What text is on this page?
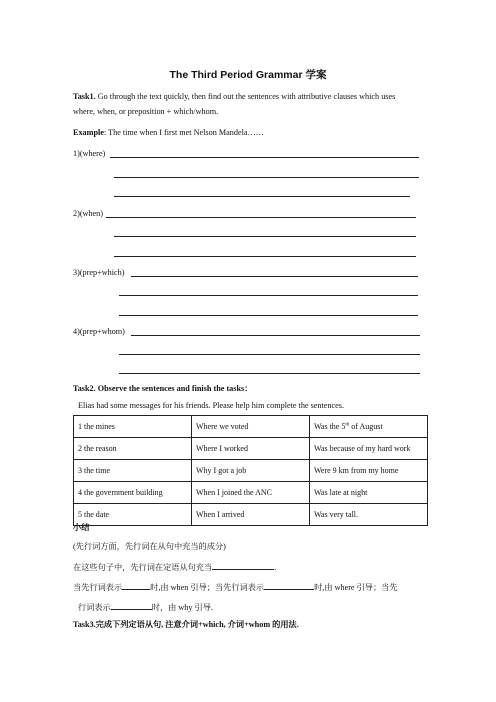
The Third Period Grammar 学案
Task1. Go through the text quickly, then find out the sentences with attributive clauses which uses
where, when, or preposition + which/whom.
Example: The time when I first met Nelson Mandela……
1)(where)
2)(when)
3)(prep+which)
4)(prep+whom)
Task2. Observe the sentences and finish the tasks：
Elias had some messages for his friends. Please help him complete the sentences.
1 the mines	Where we voted	Was the 5th of August
2 the reason	Where I worked	Was because of my hard work
3 the time	Why I got a job	Were 9 km from my home
4 the government building	When I joined the ANC	Was late at night
5 the date	When I arrived	Was very tall.
小结
(先行词方面，先行词在从句中充当的成分)
在这些句子中，先行词在定语从句充当	.
当先行词表示	时,由 when 引导；当先行词表示	时,由 where 引导；当先
行词表示	时，由 why 引导.
Task3.完成下列定语从句, 注意介词+which, 介词+whom 的用法.
